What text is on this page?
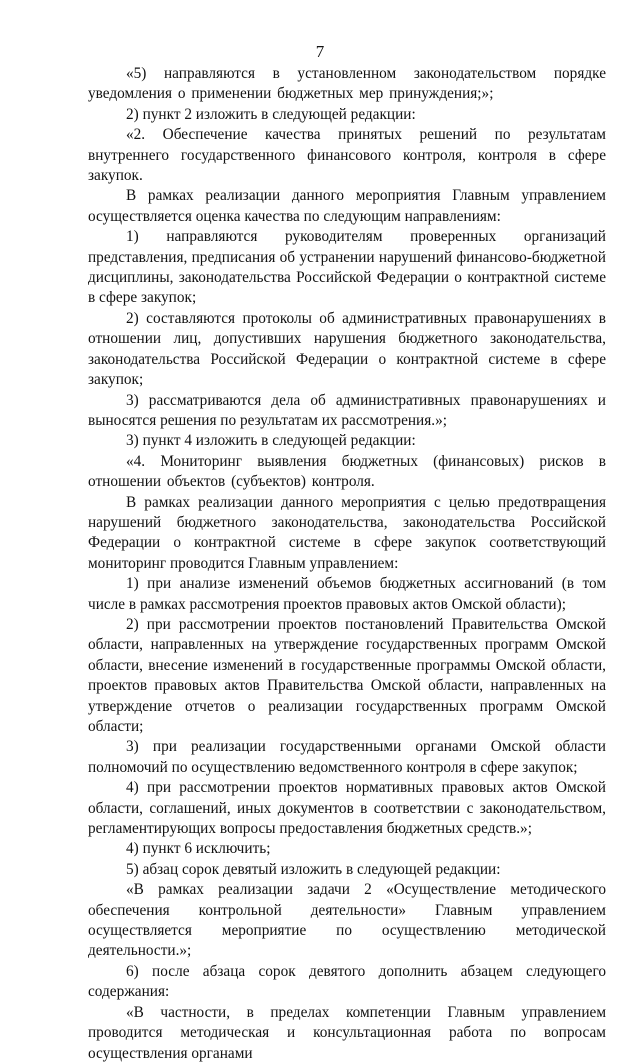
7

«5) направляются в установленном законодательством порядке уведомления о применении бюджетных мер принуждения;»;

2) пункт 2 изложить в следующей редакции:

«2. Обеспечение качества принятых решений по результатам внутреннего государственного финансового контроля, контроля в сфере закупок.

В рамках реализации данного мероприятия Главным управлением осуществляется оценка качества по следующим направлениям:

1) направляются руководителям проверенных организаций представления, предписания об устранении нарушений финансово-бюджетной дисциплины, законодательства Российской Федерации о контрактной системе в сфере закупок;

2) составляются протоколы об административных правонарушениях в отношении лиц, допустивших нарушения бюджетного законодательства, законодательства Российской Федерации о контрактной системе в сфере закупок;

3) рассматриваются дела об административных правонарушениях и выносятся решения по результатам их рассмотрения.»;

3) пункт 4 изложить в следующей редакции:

«4. Мониторинг выявления бюджетных (финансовых) рисков в отношении объектов (субъектов) контроля.

В рамках реализации данного мероприятия с целью предотвращения нарушений бюджетного законодательства, законодательства Российской Федерации о контрактной системе в сфере закупок соответствующий мониторинг проводится Главным управлением:

1) при анализе изменений объемов бюджетных ассигнований (в том числе в рамках рассмотрения проектов правовых актов Омской области);

2) при рассмотрении проектов постановлений Правительства Омской области, направленных на утверждение государственных программ Омской области, внесение изменений в государственные программы Омской области, проектов правовых актов Правительства Омской области, направленных на утверждение отчетов о реализации государственных программ Омской области;

3) при реализации государственными органами Омской области полномочий по осуществлению ведомственного контроля в сфере закупок;

4) при рассмотрении проектов нормативных правовых актов Омской области, соглашений, иных документов в соответствии с законодательством, регламентирующих вопросы предоставления бюджетных средств.»;

4) пункт 6 исключить;

5) абзац сорок девятый изложить в следующей редакции:

«В рамках реализации задачи 2 «Осуществление методического обеспечения контрольной деятельности» Главным управлением осуществляется мероприятие по осуществлению методической деятельности.»;

6) после абзаца сорок девятого дополнить абзацем следующего содержания:

«В частности, в пределах компетенции Главным управлением проводится методическая и консультационная работа по вопросам осуществления органами
